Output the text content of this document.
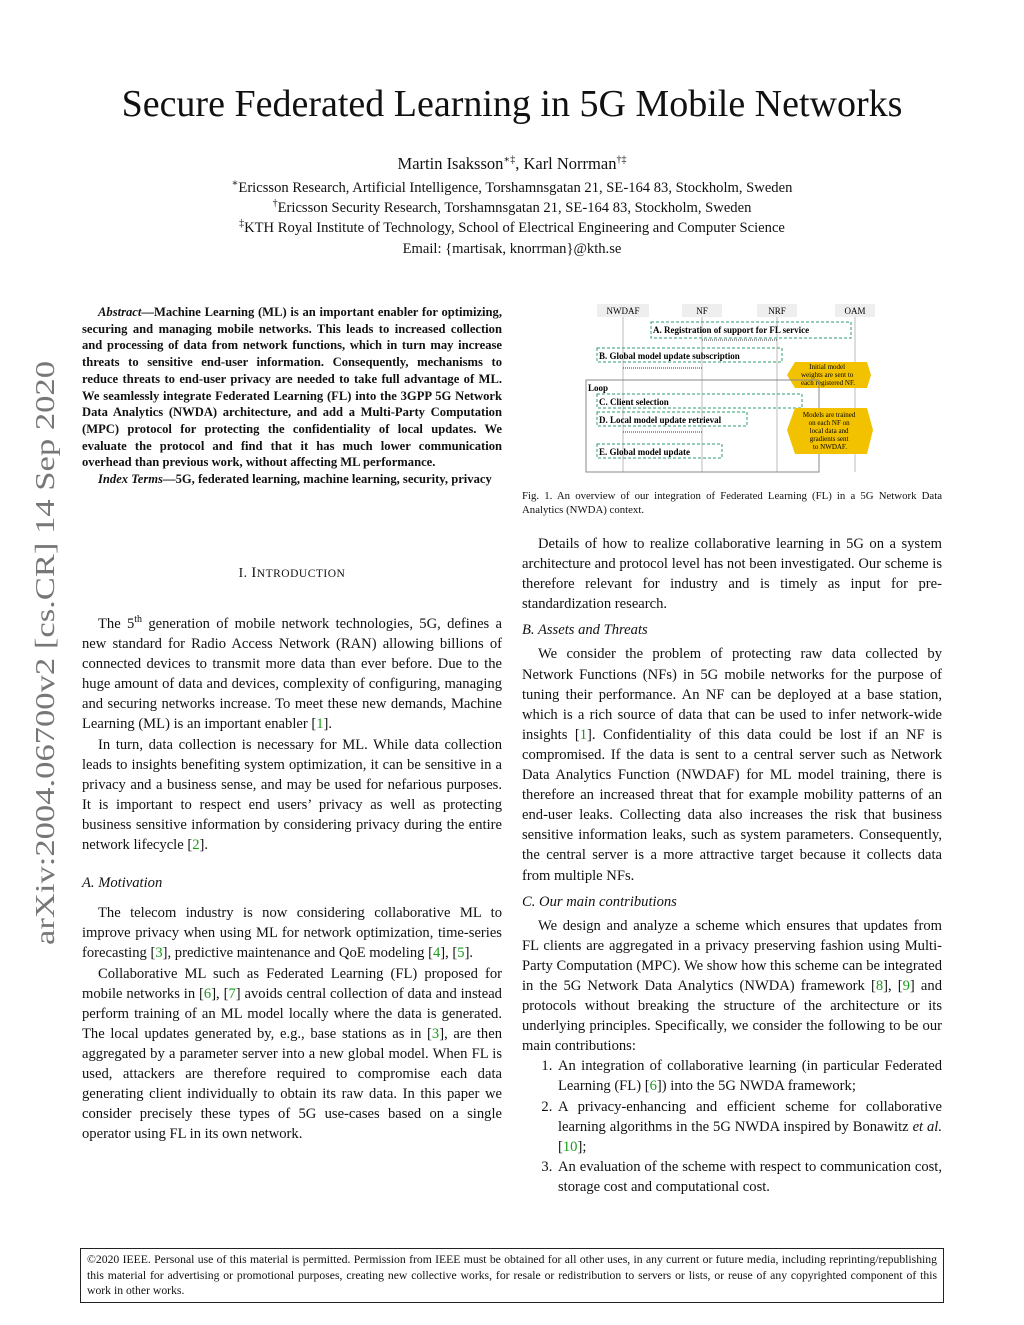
arXiv:2004.06700v2 [cs.CR] 14 Sep 2020
Secure Federated Learning in 5G Mobile Networks
Martin Isaksson∗‡, Karl Norrman†‡
∗Ericsson Research, Artificial Intelligence, Torshamnsgatan 21, SE-164 83, Stockholm, Sweden
†Ericsson Security Research, Torshamnsgatan 21, SE-164 83, Stockholm, Sweden
‡KTH Royal Institute of Technology, School of Electrical Engineering and Computer Science
Email: {martisak, knorrman}@kth.se

Abstract—Machine Learning (ML) is an important enabler for optimizing, securing and managing mobile networks. This leads to increased collection and processing of data from network functions, which in turn may increase threats to sensitive end-user information. Consequently, mechanisms to reduce threats to end-user privacy are needed to take full advantage of ML. We seamlessly integrate Federated Learning (FL) into the 3GPP 5G Network Data Analytics (NWDA) architecture, and add a Multi-Party Computation (MPC) protocol for protecting the confidentiality of local updates. We evaluate the protocol and find that it has much lower communication overhead than previous work, without affecting ML performance.

Index Terms—5G, federated learning, machine learning, security, privacy

I. INTRODUCTION

The 5th generation of mobile network technologies, 5G, defines a new standard for Radio Access Network (RAN) allowing billions of connected devices to transmit more data than ever before. Due to the huge amount of data and devices, complexity of configuring, managing and securing networks increase. To meet these new demands, Machine Learning (ML) is an important enabler [1].

In turn, data collection is necessary for ML. While data collection leads to insights benefiting system optimization, it can be sensitive in a privacy and a business sense, and may be used for nefarious purposes. It is important to respect end users’ privacy as well as protecting business sensitive information by considering privacy during the entire network lifecycle [2].

A. Motivation

The telecom industry is now considering collaborative ML to improve privacy when using ML for network optimization, time-series forecasting [3], predictive maintenance and QoE modeling [4], [5].

Collaborative ML such as Federated Learning (FL) proposed for mobile networks in [6], [7] avoids central collection of data and instead perform training of an ML model locally where the data is generated. The local updates generated by, e.g., base stations as in [3], are then aggregated by a parameter server into a new global model. When FL is used, attackers are therefore required to compromise each data generating client individually to obtain its raw data. In this paper we consider precisely these types of 5G use-cases based on a single operator using FL in its own network.

NWDAF	NF	NRF	OAM
A. Registration of support for FL service
B. Global model update subscription
Initial model weights are sent to each registered NF.
Loop
C. Client selection
D. Local model update retrieval	Models are trained on each NF on local data and gradients sent to NWDAF.
E. Global model update
Fig. 1. An overview of our integration of Federated Learning (FL) in a 5G Network Data Analytics (NWDA) context.

Details of how to realize collaborative learning in 5G on a system architecture and protocol level has not been investigated. Our scheme is therefore relevant for industry and is timely as input for pre-standardization research.

B. Assets and Threats

We consider the problem of protecting raw data collected by Network Functions (NFs) in 5G mobile networks for the purpose of tuning their performance. An NF can be deployed at a base station, which is a rich source of data that can be used to infer network-wide insights [1]. Confidentiality of this data could be lost if an NF is compromised. If the data is sent to a central server such as Network Data Analytics Function (NWDAF) for ML model training, there is therefore an increased threat that for example mobility patterns of an end-user leaks. Collecting data also increases the risk that business sensitive information leaks, such as system parameters. Consequently, the central server is a more attractive target because it collects data from multiple NFs.

C. Our main contributions

We design and analyze a scheme which ensures that updates from FL clients are aggregated in a privacy preserving fashion using Multi-Party Computation (MPC). We show how this scheme can be integrated in the 5G Network Data Analytics (NWDA) framework [8], [9] and protocols without breaking the structure of the architecture or its underlying principles. Specifically, we consider the following to be our main contributions:

1. An integration of collaborative learning (in particular Federated Learning (FL) [6]) into the 5G NWDA framework;
2. A privacy-enhancing and efficient scheme for collaborative learning algorithms in the 5G NWDA inspired by Bonawitz et al. [10];
3. An evaluation of the scheme with respect to communication cost, storage cost and computational cost.
©2020 IEEE. Personal use of this material is permitted. Permission from IEEE must be obtained for all other uses, in any current or future media, including reprinting/republishing this material for advertising or promotional purposes, creating new collective works, for resale or redistribution to servers or lists, or reuse of any copyrighted component of this work in other works.
